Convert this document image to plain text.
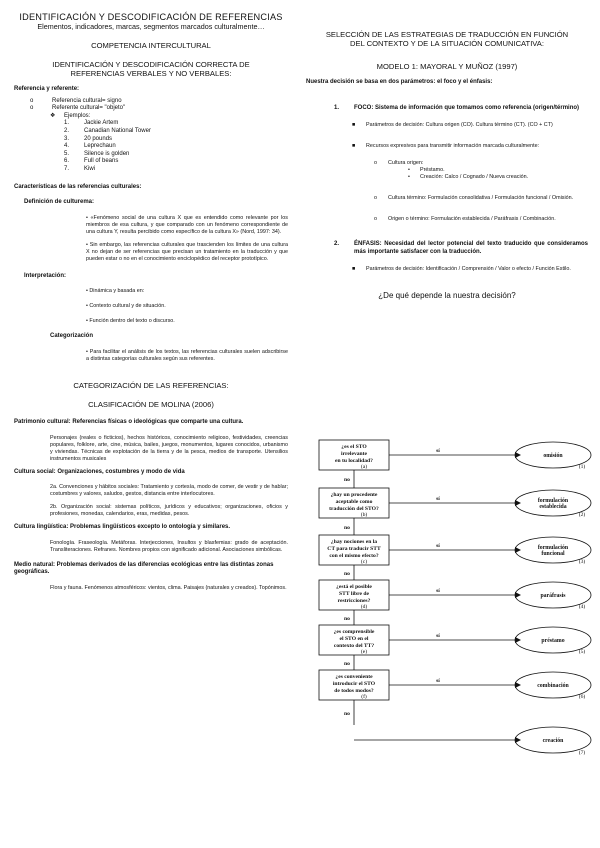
IDENTIFICACIÓN Y DESCODIFICACIÓN DE REFERENCIAS
Elementos, indicadores, marcas, segmentos marcados culturalmente…
COMPETENCIA INTERCULTURAL
IDENTIFICACIÓN Y DESCODIFICACIÓN CORRECTA DE
REFERENCIAS VERBALES Y NO VERBALES:
Referencia y referente:
o	Referencia cultural= signo
o	Referente cultural= "objeto"
❖	Ejemplos:
1.	Jackie Artem
2.	Canadian National Tower
3.	20 pounds
4.	Leprechaun
5.	Silence is golden
6.	Full of beans
7.	Kiwi
Características de las referencias culturales:
Definición de culturema:
• «Fenómeno social de una cultura X que es entendido como relevante por los miembros de esa cultura, y que comparado con un fenómeno correspondiente de una cultura Y, resulta percibido como específico de la cultura X» (Nord, 1997: 34).
• Sin embargo, las referencias culturales que trascienden los límites de una cultura X no dejan de ser referencias que precisan un tratamiento en la traducción y que pueden estar o no en el conocimiento enciclopédico del receptor prototípico.
Interpretación:
• Dinámica y basada en:
• Contexto cultural y de situación.
• Función dentro del texto o discurso.
Categorización
• Para facilitar el análisis de los textos, las referencias culturales suelen adscribirse a distintas categorías culturales según sus referentes.
CATEGORIZACIÓN DE LAS REFERENCIAS:
CLASIFICACIÓN DE MOLINA (2006)
Patrimonio cultural: Referencias físicas o ideológicas que comparte una cultura.
Personajes (reales o ficticios), hechos históricos, conocimiento religioso, festividades, creencias populares, folklore, arte, cine, música, bailes, juegos, monumentos, lugares conocidos, urbanismo y viviendas. Técnicas de explotación de la tierra y de la pesca, medios de transporte. Utensilios instrumentos musicales
Cultura social: Organizaciones, costumbres y modo de vida
2a. Convenciones y hábitos sociales: Tratamiento y cortesía, modo de comer, de vestir y de hablar; costumbres y valores, saludos, gestos, distancia entre interlocutores.
2b. Organización social: sistemas políticos, jurídicos y educativos; organizaciones, oficios y profesiones, monedas, calendarios, eras, medidas, pesos.
Cultura lingüística: Problemas lingüísticos excepto lo ontología y similares.
Fonología. Fraseología. Metáforas. Interjecciones, Insultos y blasfemias: grado de aceptación. Transliteraciones. Refranes. Nombres propios con significado adicional. Asociaciones simbólicas.
Medio natural: Problemas derivados de las diferencias ecológicas entre las distintas zonas geográficas.
Flora y fauna. Fenómenos atmosféricos: vientos, clima. Paisajes (naturales y creados). Topónimos.
SELECCIÓN DE LAS ESTRATEGIAS DE TRADUCCIÓN EN FUNCIÓN
DEL CONTEXTO Y DE LA SITUACIÓN COMUNICATIVA:
MODELO 1: MAYORAL Y MUÑOZ (1997)
Nuestra decisión se basa en dos parámetros: el foco y el énfasis:
1.	FOCO: Sistema de información que tomamos como referencia (origen/término)
■	Parámetros de decisión: Cultura origen (CO). Cultura término (CT). (CO + CT)
■	Recursos expresivos para transmitir información marcada culturalmente:
o	Cultura origen:
•	Préstamo.
•	Creación: Calco / Cognado / Nueva creación.
o	Cultura término: Formulación consolidativa / Formulación funcional / Omisión.
o	Origen o término: Formulación establecida / Paráfrasis / Combinación.
2.	ÉNFASIS: Necesidad del lector potencial del texto traducido que consideramos más importante satisfacer con la traducción.
■	Parámetros de decisión: Identificación / Comprensión / Valor o efecto / Función Estilo.
¿De qué depende la nuestra decisión?
¿es el STO
irrelevante
en tu localidad?
¿hay un procedente
aceptable como
traducción del STO?
¿hay nociones en la
CT para traducir STT
con el mismo efecto?
¿está el posible
STT libre de
restricciones?
¿es comprensible
el STO en el
contexto del TT?
¿es conveniente
introducir el STO
de todos modos?
(a)
(b)
(c)
(d)
(e)
(f)
sí
sí
sí
sí
sí
sí
no
no
no
no
no
no
omisión
formulación
establecida
formulación
funcional
paráfrasis
préstamo
combinación
creación
(1)
(2)
(3)
(4)
(5)
(6)
(7)
